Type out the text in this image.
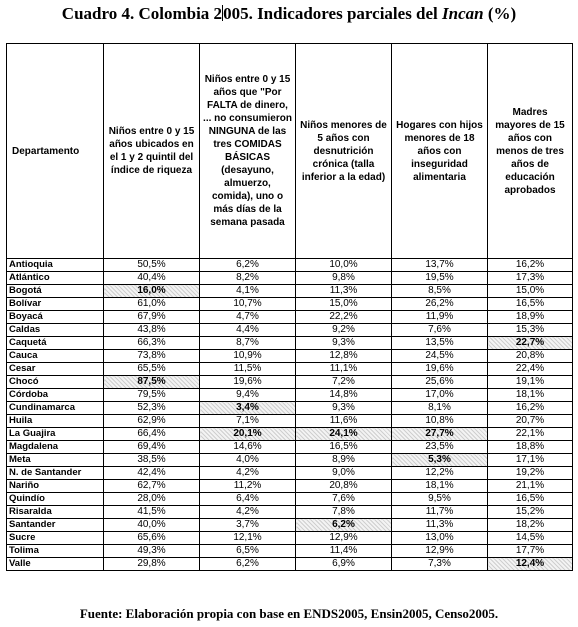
Cuadro 4. Colombia 2005. Indicadores parciales del Incan (%)
Departamento	Niños entre 0 y 15 años ubicados en el 1 y 2 quintil del índice de riqueza	Niños entre 0 y 15 años que "Por FALTA de dinero, ... no consumieron NINGUNA de las tres COMIDAS BÁSICAS (desayuno, almuerzo, comida), uno o más días de la semana pasada	Niños menores de 5 años con desnutrición crónica (talla inferior a la edad)	Hogares con hijos menores de 18 años con inseguridad alimentaria	Madres mayores de 15 años con menos de tres años de educación aprobados
Antioquia	50,5%	6,2%	10,0%	13,7%	16,2%
Atlántico	40,4%	8,2%	9,8%	19,5%	17,3%
Bogotá	16,0%	4,1%	11,3%	8,5%	15,0%
Bolívar	61,0%	10,7%	15,0%	26,2%	16,5%
Boyacá	67,9%	4,7%	22,2%	11,9%	18,9%
Caldas	43,8%	4,4%	9,2%	7,6%	15,3%
Caquetá	66,3%	8,7%	9,3%	13,5%	22,7%
Cauca	73,8%	10,9%	12,8%	24,5%	20,8%
Cesar	65,5%	11,5%	11,1%	19,6%	22,4%
Chocó	87,5%	19,6%	7,2%	25,6%	19,1%
Córdoba	79,5%	9,4%	14,8%	17,0%	18,1%
Cundinamarca	52,3%	3,4%	9,3%	8,1%	16,2%
Huila	62,9%	7,1%	11,6%	10,8%	20,7%
La Guajira	66,4%	20,1%	24,1%	27,7%	22,1%
Magdalena	69,4%	14,6%	16,5%	23,5%	18,8%
Meta	38,5%	4,0%	8,9%	5,3%	17,1%
N. de Santander	42,4%	4,2%	9,0%	12,2%	19,2%
Nariño	62,7%	11,2%	20,8%	18,1%	21,1%
Quindío	28,0%	6,4%	7,6%	9,5%	16,5%
Risaralda	41,5%	4,2%	7,8%	11,7%	15,2%
Santander	40,0%	3,7%	6,2%	11,3%	18,2%
Sucre	65,6%	12,1%	12,9%	13,0%	14,5%
Tolima	49,3%	6,5%	11,4%	12,9%	17,7%
Valle	29,8%	6,2%	6,9%	7,3%	12,4%
Fuente: Elaboración propia con base en ENDS2005, Ensin2005, Censo2005.
